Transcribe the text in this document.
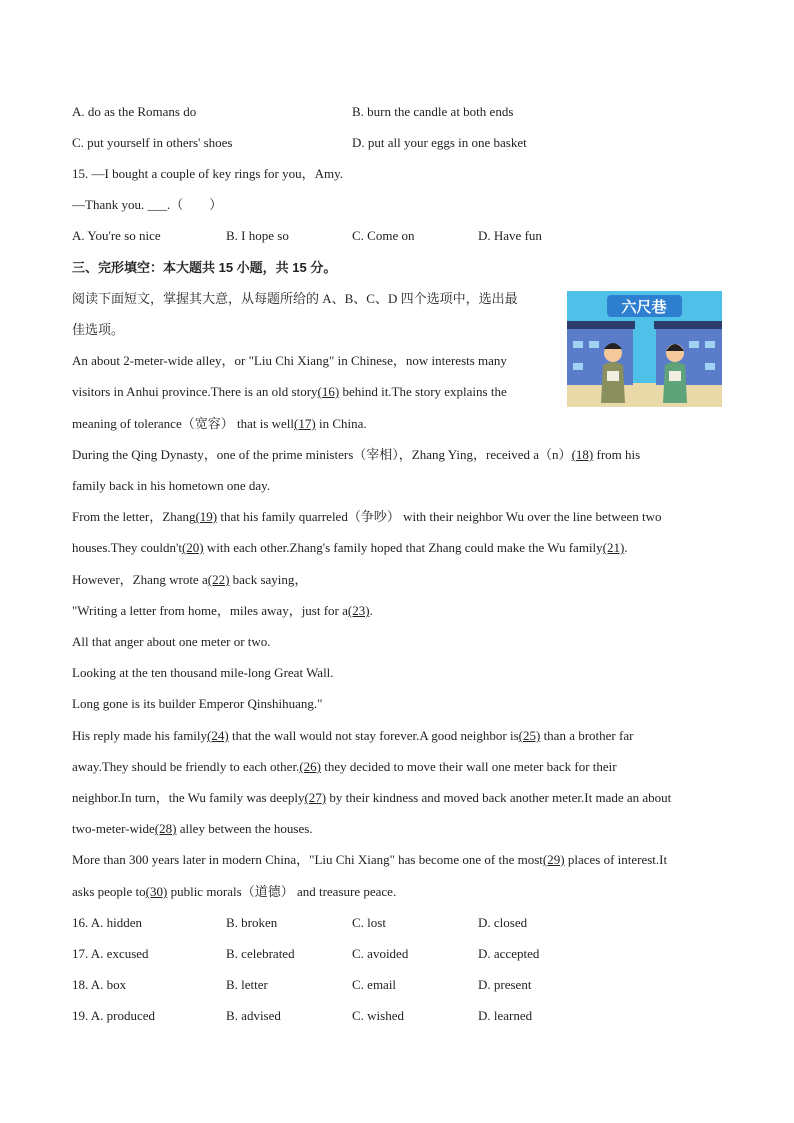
A. do as the Romans do	B. burn the candle at both ends
C. put yourself in others' shoes	D. put all your eggs in one basket
15. —I bought a couple of key rings for you，Amy.
—Thank you. ___.（　　）
A. You're so nice	B. I hope so	C. Come on	D. Have fun
三、完形填空：本大题共 15 小题，共 15 分。
阅读下面短文，掌握其大意，从每题所给的 A、B、C、D 四个选项中，选出最
佳选项。
六尺巷
An about 2-meter-wide alley，or "Liu Chi Xiang" in Chinese，now interests many
visitors in Anhui province.There is an old story(16) behind it.The story explains the
meaning of tolerance（宽容） that is well(17) in China.
During the Qing Dynasty，one of the prime ministers（宰相），Zhang Ying，received a（n）(18) from his
family back in his hometown one day.
From the letter，Zhang(19) that his family quarreled（争吵） with their neighbor Wu over the line between two
houses.They couldn't(20) with each other.Zhang's family hoped that Zhang could make the Wu family(21).
However，Zhang wrote a(22) back saying，
"Writing a letter from home，miles away，just for a(23).
All that anger about one meter or two.
Looking at the ten thousand mile-long Great Wall.
Long gone is its builder Emperor Qinshihuang."
His reply made his family(24) that the wall would not stay forever.A good neighbor is(25) than a brother far
away.They should be friendly to each other.(26) they decided to move their wall one meter back for their
neighbor.In turn，the Wu family was deeply(27) by their kindness and moved back another meter.It made an about
two-meter-wide(28) alley between the houses.
More than 300 years later in modern China，"Liu Chi Xiang" has become one of the most(29) places of interest.It
asks people to(30) public morals（道德） and treasure peace.
16. A. hidden	B. broken	C. lost	D. closed
17. A. excused	B. celebrated	C. avoided	D. accepted
18. A. box	B. letter	C. email	D. present
19. A. produced	B. advised	C. wished	D. learned
